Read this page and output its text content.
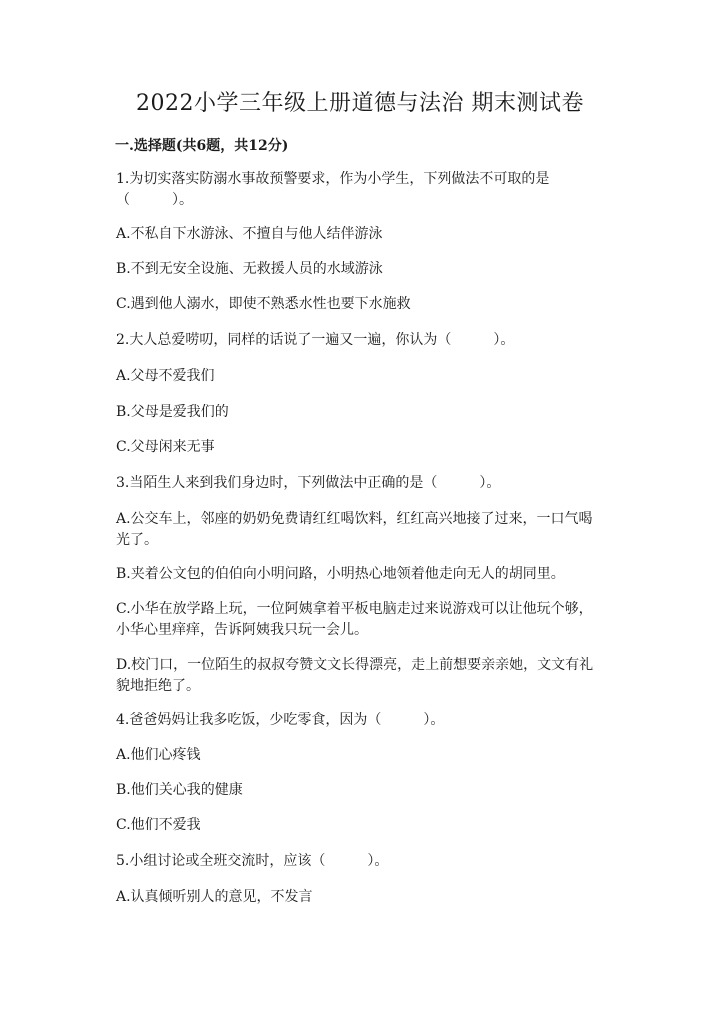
2022小学三年级上册道德与法治 期末测试卷
一.选择题(共6题，共12分)
1.为切实落实防溺水事故预警要求，作为小学生，下列做法不可取的是
（　　　）。
A.不私自下水游泳、不擅自与他人结伴游泳
B.不到无安全设施、无救援人员的水域游泳
C.遇到他人溺水，即使不熟悉水性也要下水施救
2.大人总爱唠叨，同样的话说了一遍又一遍，你认为（　　　）。
A.父母不爱我们
B.父母是爱我们的
C.父母闲来无事
3.当陌生人来到我们身边时，下列做法中正确的是（　　　）。
A.公交车上，邻座的奶奶免费请红红喝饮料，红红高兴地接了过来，一口气喝
光了。
B.夹着公文包的伯伯向小明问路，小明热心地领着他走向无人的胡同里。
C.小华在放学路上玩，一位阿姨拿着平板电脑走过来说游戏可以让他玩个够，
小华心里痒痒，告诉阿姨我只玩一会儿。
D.校门口，一位陌生的叔叔夸赞文文长得漂亮，走上前想要亲亲她，文文有礼
貌地拒绝了。
4.爸爸妈妈让我多吃饭，少吃零食，因为（　　　）。
A.他们心疼钱
B.他们关心我的健康
C.他们不爱我
5.小组讨论或全班交流时，应该（　　　）。
A.认真倾听别人的意见，不发言
